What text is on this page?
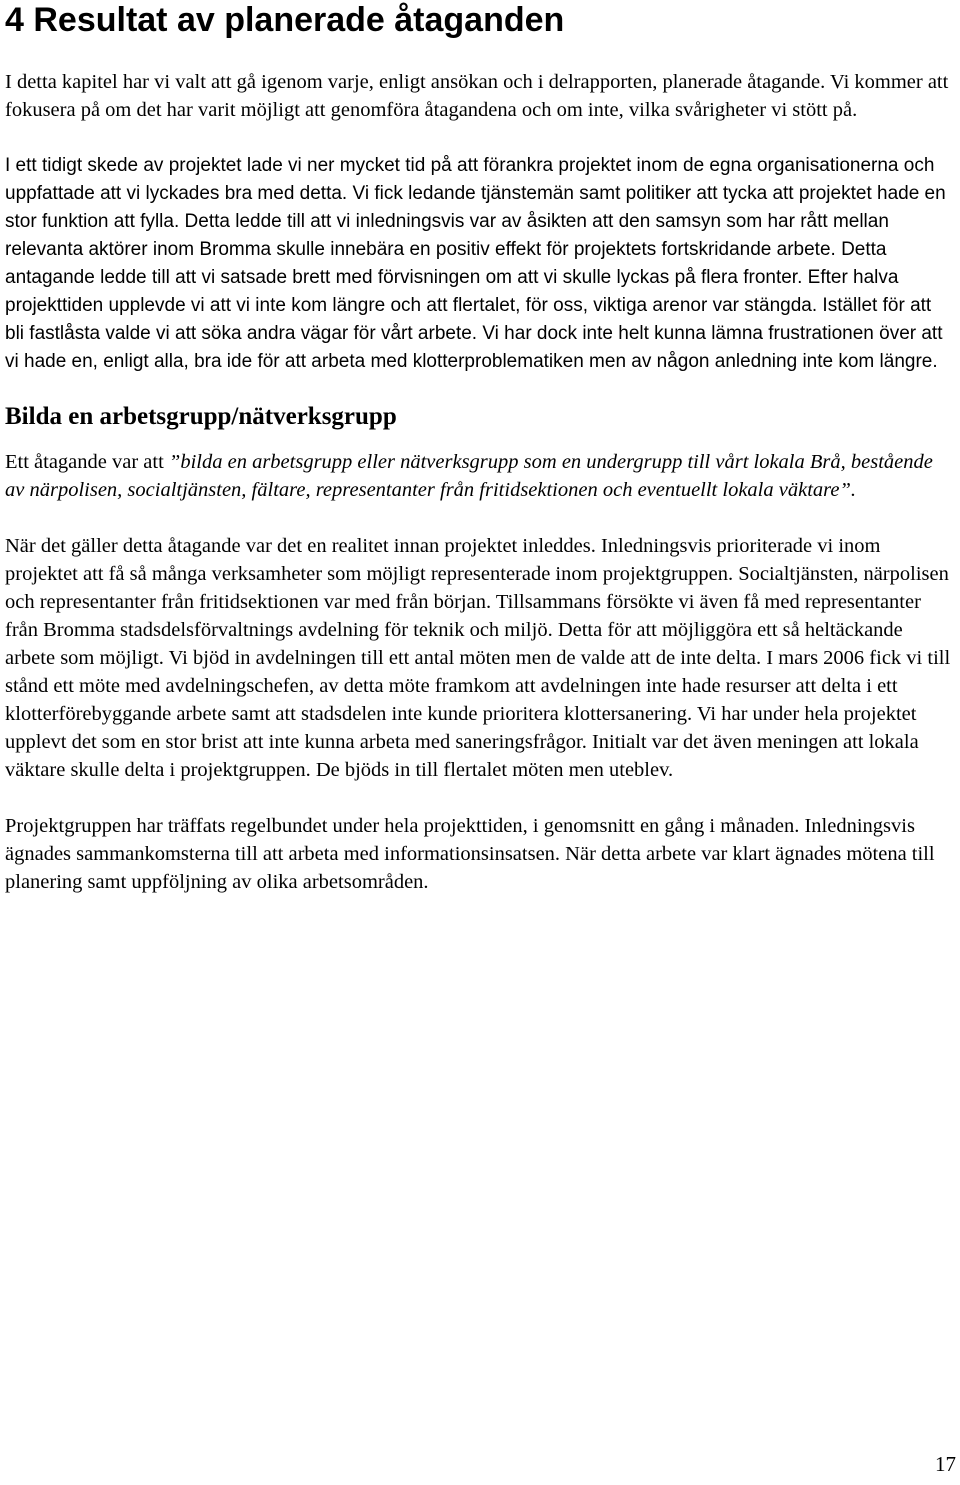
4 Resultat av planerade åtaganden

I detta kapitel har vi valt att gå igenom varje, enligt ansökan och i delrapporten, planerade åtagande. Vi kommer att fokusera på om det har varit möjligt att genomföra åtagandena och om inte, vilka svårigheter vi stött på.

I ett tidigt skede av projektet lade vi ner mycket tid på att förankra projektet inom de egna organisationerna och uppfattade att vi lyckades bra med detta. Vi fick ledande tjänstemän samt politiker att tycka att projektet hade en stor funktion att fylla. Detta ledde till att vi inledningsvis var av åsikten att den samsyn som har rått mellan relevanta aktörer inom Bromma skulle innebära en positiv effekt för projektets fortskridande arbete. Detta antagande ledde till att vi satsade brett med förvisningen om att vi skulle lyckas på flera fronter. Efter halva projekttiden upplevde vi att vi inte kom längre och att flertalet, för oss, viktiga arenor var stängda. Istället för att bli fastlåsta valde vi att söka andra vägar för vårt arbete. Vi har dock inte helt kunna lämna frustrationen över att vi hade en, enligt alla, bra ide för att arbeta med klotterproblematiken men av någon anledning inte kom längre.

Bilda en arbetsgrupp/nätverksgrupp

Ett åtagande var att ”bilda en arbetsgrupp eller nätverksgrupp som en undergrupp till vårt lokala Brå, bestående av närpolisen, socialtjänsten, fältare, representanter från fritidsektionen och eventuellt lokala väktare”.

När det gäller detta åtagande var det en realitet innan projektet inleddes. Inledningsvis prioriterade vi inom projektet att få så många verksamheter som möjligt representerade inom projektgruppen. Socialtjänsten, närpolisen och representanter från fritidsektionen var med från början. Tillsammans försökte vi även få med representanter från Bromma stadsdelsförvaltnings avdelning för teknik och miljö. Detta för att möjliggöra ett så heltäckande arbete som möjligt. Vi bjöd in avdelningen till ett antal möten men de valde att de inte delta. I mars 2006 fick vi till stånd ett möte med avdelningschefen, av detta möte framkom att avdelningen inte hade resurser att delta i ett klotterförebyggande arbete samt att stadsdelen inte kunde prioritera klottersanering. Vi har under hela projektet upplevt det som en stor brist att inte kunna arbeta med saneringsfrågor. Initialt var det även meningen att lokala väktare skulle delta i projektgruppen. De bjöds in till flertalet möten men uteblev.

Projektgruppen har träffats regelbundet under hela projekttiden, i genomsnitt en gång i månaden. Inledningsvis ägnades sammankomsterna till att arbeta med informationsinsatsen. När detta arbete var klart ägnades mötena till planering samt uppföljning av olika arbetsområden.

17
